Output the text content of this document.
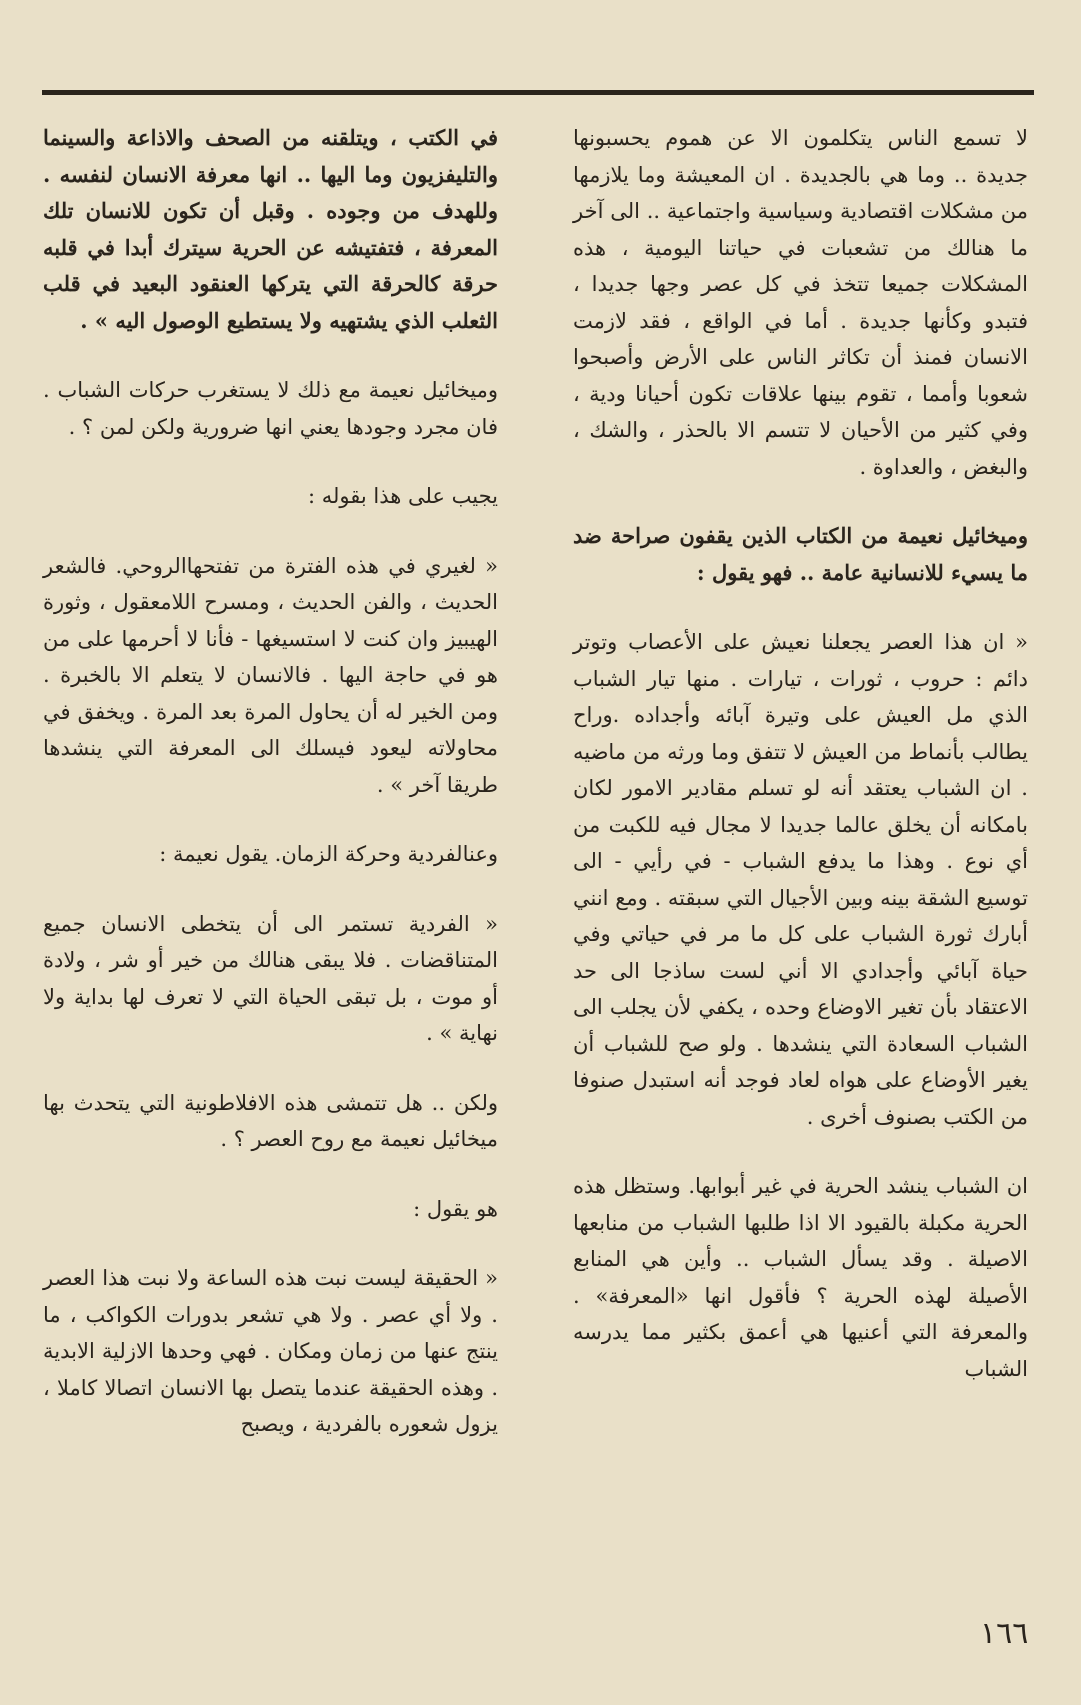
لا تسمع الناس يتكلمون الا عن هموم يحسبونها جديدة .. وما هي بالجديدة . ان المعيشة وما يلازمها من مشكلات اقتصادية وسياسية واجتماعية .. الى آخر ما هنالك من تشعبات في حياتنا اليومية ، هذه المشكلات جميعا تتخذ في كل عصر وجها جديدا ، فتبدو وكأنها جديدة . أما في الواقع ، فقد لازمت الانسان فمنذ أن تكاثر الناس على الأرض وأصبحوا شعوبا وأمما ، تقوم بينها علاقات تكون أحيانا ودية ، وفي كثير من الأحيان لا تتسم الا بالحذر ، والشك ، والبغض ، والعداوة .

وميخائيل نعيمة من الكتاب الذين يقفون صراحة ضد ما يسيء للانسانية عامة .. فهو يقول :

« ان هذا العصر يجعلنا نعيش على الأعصاب وتوتر دائم : حروب ، ثورات ، تيارات . منها تيار الشباب الذي مل العيش على وتيرة آبائه وأجداده .وراح يطالب بأنماط من العيش لا تتفق وما ورثه من ماضيه . ان الشباب يعتقد أنه لو تسلم مقادير الامور لكان بامكانه أن يخلق عالما جديدا لا مجال فيه للكبت من أي نوع . وهذا ما يدفع الشباب - في رأيي - الى توسيع الشقة بينه وبين الأجيال التي سبقته . ومع انني أبارك ثورة الشباب على كل ما مر في حياتي وفي حياة آبائي وأجدادي الا أني لست ساذجا الى حد الاعتقاد بأن تغير الاوضاع وحده ، يكفي لأن يجلب الى الشباب السعادة التي ينشدها . ولو صح للشباب أن يغير الأوضاع على هواه لعاد فوجد أنه استبدل صنوفا من الكتب بصنوف أخرى .

ان الشباب ينشد الحرية في غير أبوابها. وستظل هذه الحرية مكبلة بالقيود الا اذا طلبها الشباب من منابعها الاصيلة . وقد يسأل الشباب .. وأين هي المنابع الأصيلة لهذه الحرية ؟ فأقول انها «المعرفة» . والمعرفة التي أعنيها هي أعمق بكثير مما يدرسه الشباب

في الكتب ، ويتلقنه من الصحف والاذاعة والسينما والتليفزيون وما اليها .. انها معرفة الانسان لنفسه . وللهدف من وجوده . وقبل أن تكون للانسان تلك المعرفة ، فتفتيشه عن الحرية سيترك أبدا في قلبه حرقة كالحرقة التي يتركها العنقود البعيد في قلب الثعلب الذي يشتهيه ولا يستطيع الوصول اليه » .

وميخائيل نعيمة مع ذلك لا يستغرب حركات الشباب . فان مجرد وجودها يعني انها ضرورية ولكن لمن ؟ .

يجيب على هذا بقوله :

« لغيري في هذه الفترة من تفتحهاالروحي. فالشعر الحديث ، والفن الحديث ، ومسرح اللامعقول ، وثورة الهيبيز وان كنت لا استسيغها - فأنا لا أحرمها على من هو في حاجة اليها . فالانسان لا يتعلم الا بالخبرة . ومن الخير له أن يحاول المرة بعد المرة . ويخفق في محاولاته ليعود فيسلك الى المعرفة التي ينشدها طريقا آخر » .

وعنالفردية وحركة الزمان. يقول نعيمة :

« الفردية تستمر الى أن يتخطى الانسان جميع المتناقضات . فلا يبقى هنالك من خير أو شر ، ولادة أو موت ، بل تبقى الحياة التي لا تعرف لها بداية ولا نهاية » .

ولكن .. هل تتمشى هذه الافلاطونية التي يتحدث بها ميخائيل نعيمة مع روح العصر ؟ .

هو يقول :

« الحقيقة ليست نبت هذه الساعة ولا نبت هذا العصر . ولا أي عصر . ولا هي تشعر بدورات الكواكب ، ما ينتج عنها من زمان ومكان . فهي وحدها الازلية الابدية . وهذه الحقيقة عندما يتصل بها الانسان اتصالا كاملا ، يزول شعوره بالفردية ، ويصبح

١٦٦
